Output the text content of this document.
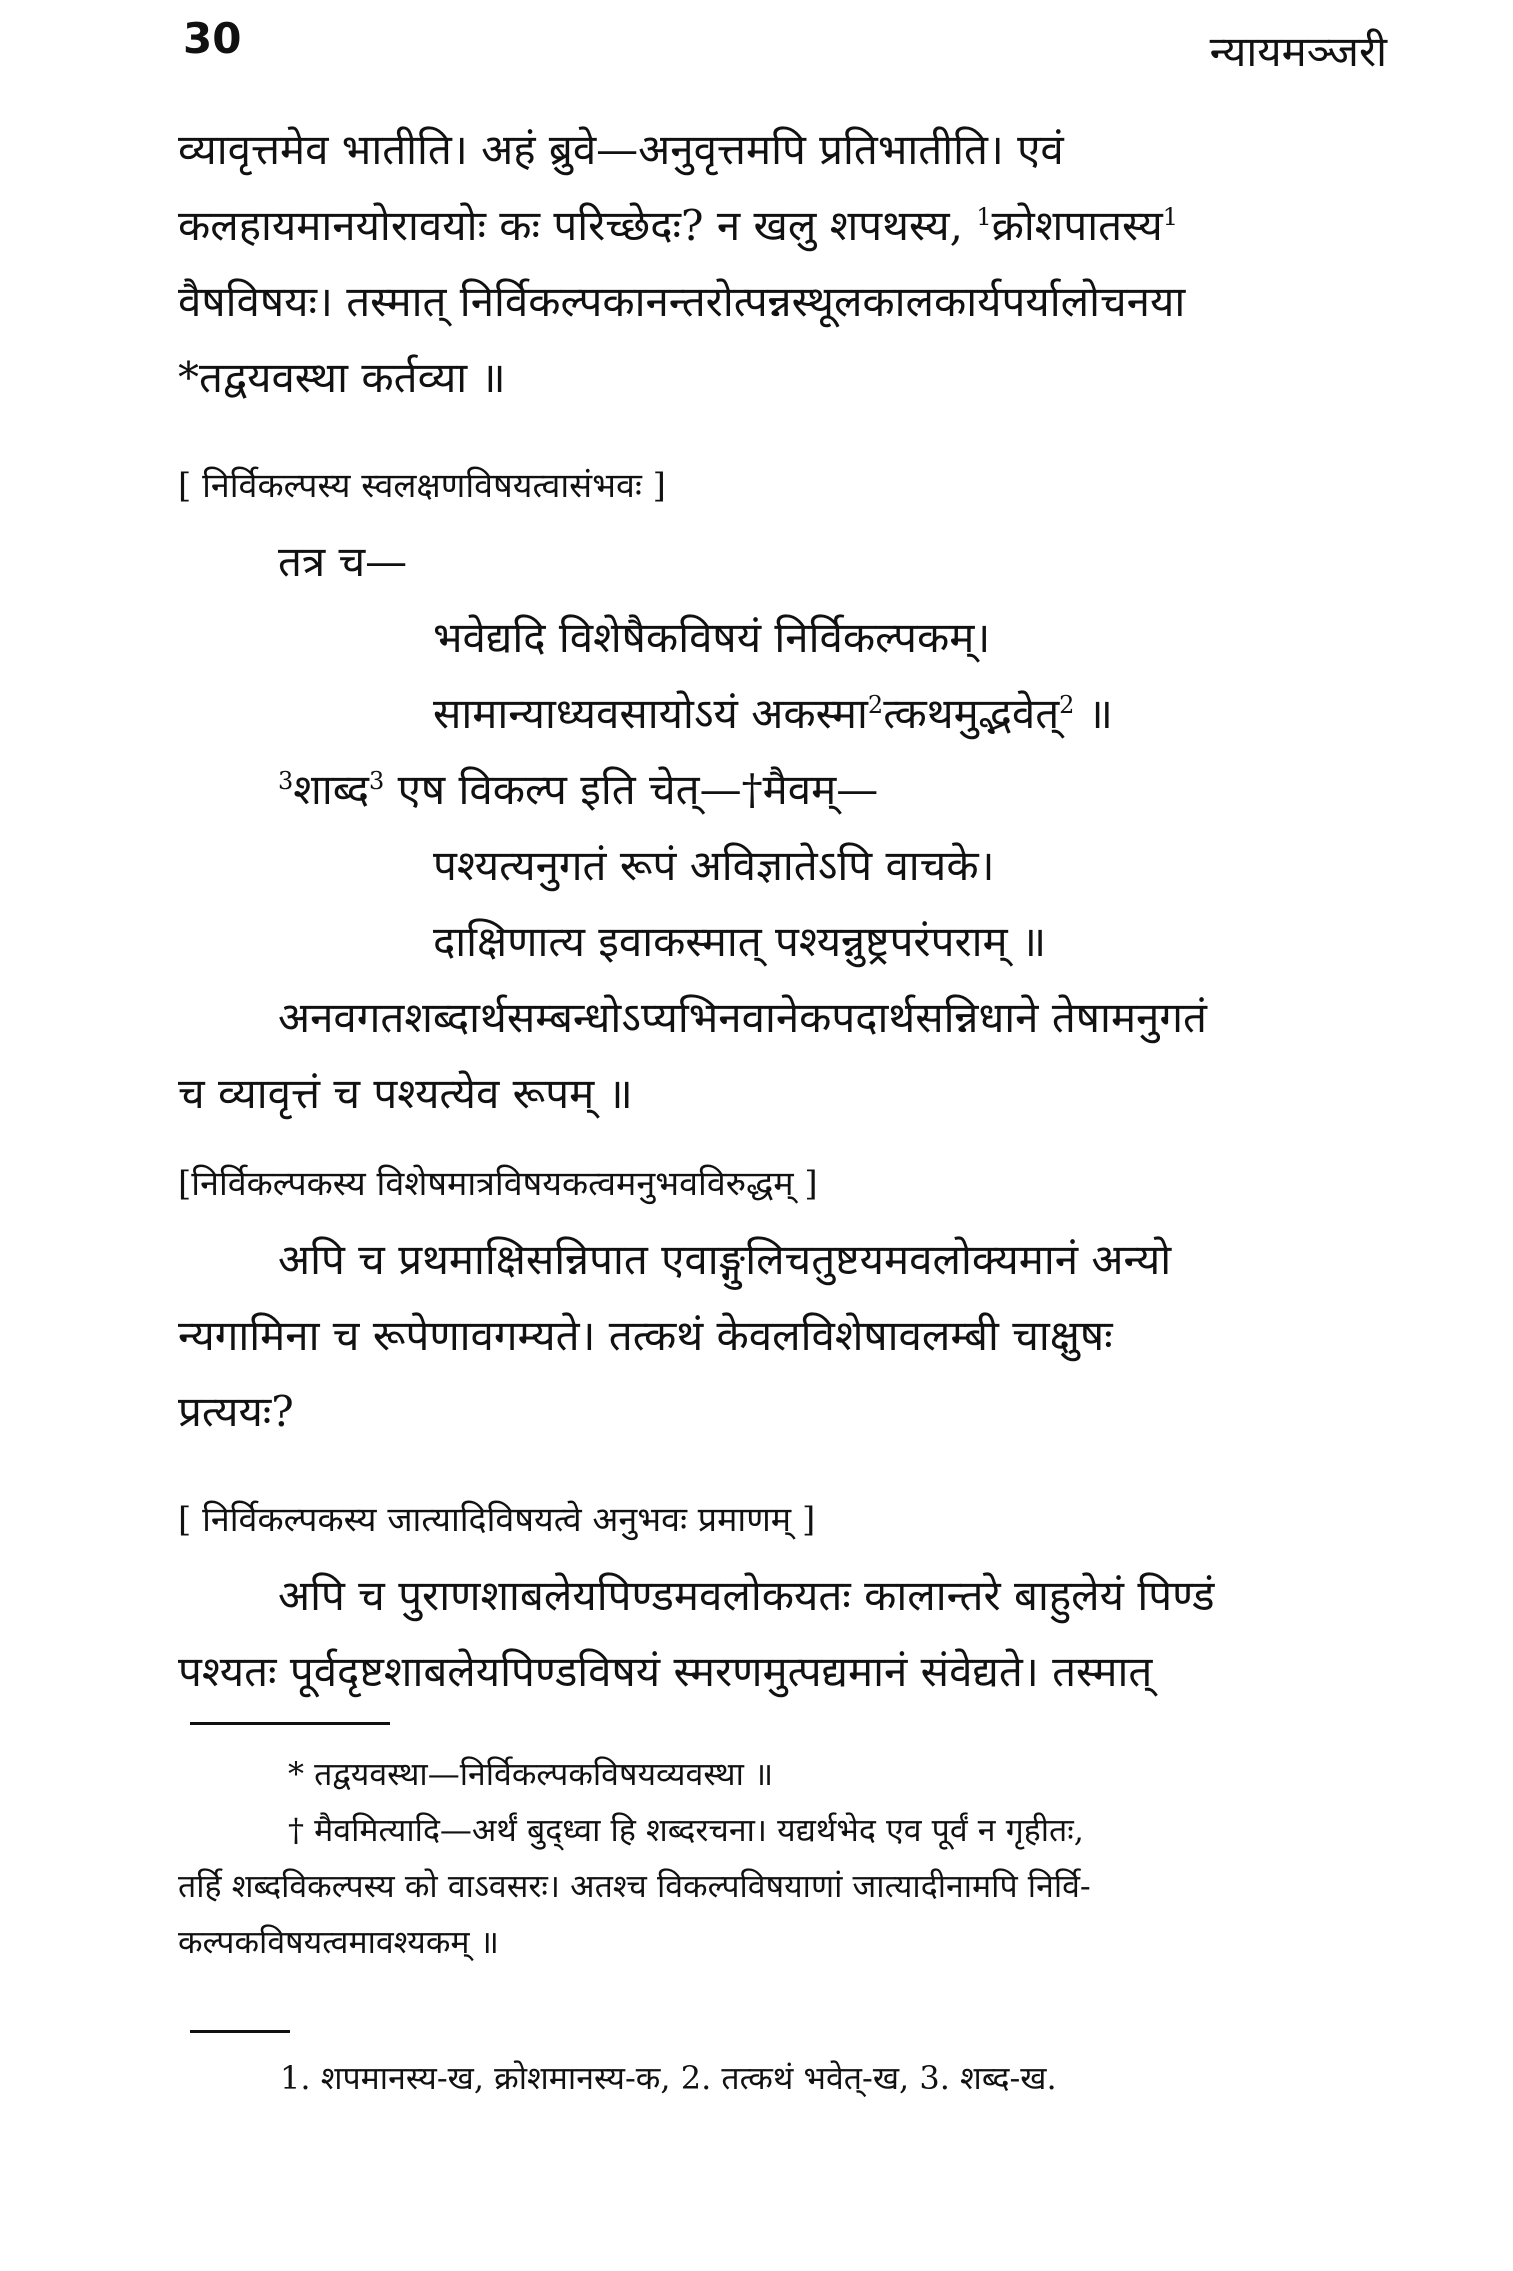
30	न्यायमञ्जरी

व्यावृत्तमेव भातीति। अहं ब्रुवे—अनुवृत्तमपि प्रतिभातीति। एवं

कलहायमानयोरावयोः कः परिच्छेदः? न खलु शपथस्य, $^1$क्रोशपातस्य$^1$

वैषविषयः। तस्मात् निर्विकल्पकानन्तरोत्पन्नस्थूलकालकार्यपर्यालोचनया

*तद्वयवस्था कर्तव्या ॥

[ निर्विकल्पस्य स्वलक्षणविषयत्वासंभवः ]

तत्र च—

भवेद्यदि विशेषैकविषयं निर्विकल्पकम्।

सामान्याध्यवसायोऽयं अकस्मा$^2$त्कथमुद्भवेत्$^2$ ॥

$^3$शाब्द$^3$ एष विकल्प इति चेत्—†मैवम्—

पश्यत्यनुगतं रूपं अविज्ञातेऽपि वाचके।

दाक्षिणात्य इवाकस्मात् पश्यन्नुष्ट्रपरंपराम् ॥

अनवगतशब्दार्थसम्बन्धोऽप्यभिनवानेकपदार्थसन्निधाने तेषामनुगतं

च व्यावृत्तं च पश्यत्येव रूपम् ॥

[निर्विकल्पकस्य विशेषमात्रविषयकत्वमनुभवविरुद्धम् ]

अपि च प्रथमाक्षिसन्निपात एवाङ्गुलिचतुष्टयमवलोक्यमानं अन्यो

न्यगामिना च रूपेणावगम्यते। तत्कथं केवलविशेषावलम्बी चाक्षुषः

प्रत्ययः?

[ निर्विकल्पकस्य जात्यादिविषयत्वे अनुभवः प्रमाणम् ]

अपि च पुराणशाबलेयपिण्डमवलोकयतः कालान्तरे बाहुलेयं पिण्डं

पश्यतः पूर्वदृष्टशाबलेयपिण्डविषयं स्मरणमुत्पद्यमानं संवेद्यते। तस्मात्

* तद्वयवस्था—निर्विकल्पकविषयव्यवस्था ॥

† मैवमित्यादि—अर्थं बुद्ध्वा हि शब्दरचना। यद्यर्थभेद एव पूर्वं न गृहीतः,

तर्हि शब्दविकल्पस्य को वाऽवसरः। अतश्च विकल्पविषयाणां जात्यादीनामपि निर्वि-

कल्पकविषयत्वमावश्यकम् ॥

1. शपमानस्य-ख, क्रोशमानस्य-क, 2. तत्कथं भवेत्-ख, 3. शब्द-ख.
